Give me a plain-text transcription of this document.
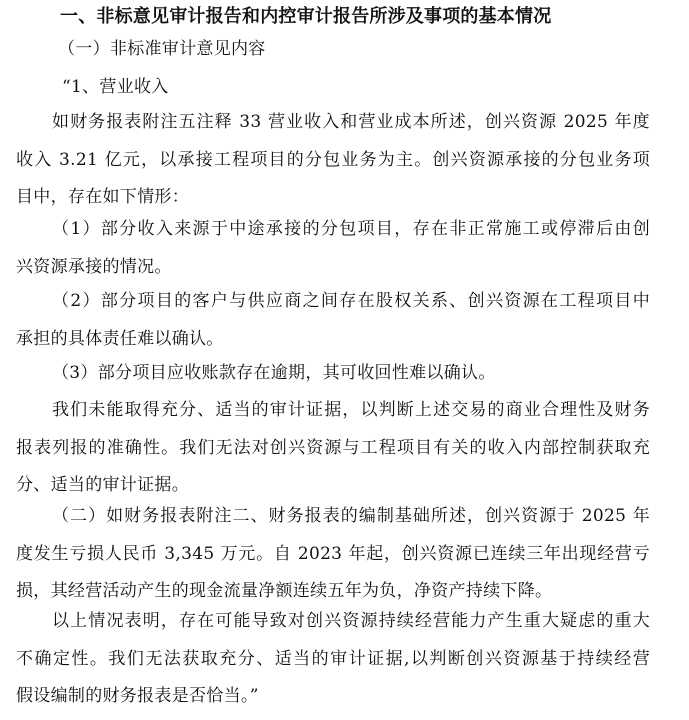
一、非标意见审计报告和内控审计报告所涉及事项的基本情况
（一）非标准审计意见内容
“1、营业收入
如财务报表附注五注释 33 营业收入和营业成本所述，创兴资源 2025 年度
收入 3.21 亿元，以承接工程项目的分包业务为主。创兴资源承接的分包业务项
目中，存在如下情形：
（1）部分收入来源于中途承接的分包项目，存在非正常施工或停滞后由创
兴资源承接的情况。
（2）部分项目的客户与供应商之间存在股权关系、创兴资源在工程项目中
承担的具体责任难以确认。
（3）部分项目应收账款存在逾期，其可收回性难以确认。
我们未能取得充分、适当的审计证据，以判断上述交易的商业合理性及财务
报表列报的准确性。我们无法对创兴资源与工程项目有关的收入内部控制获取充
分、适当的审计证据。
（二）如财务报表附注二、财务报表的编制基础所述，创兴资源于 2025 年
度发生亏损人民币 3,345 万元。自 2023 年起，创兴资源已连续三年出现经营亏
损，其经营活动产生的现金流量净额连续五年为负，净资产持续下降。
以上情况表明，存在可能导致对创兴资源持续经营能力产生重大疑虑的重大
不确定性。我们无法获取充分、适当的审计证据,以判断创兴资源基于持续经营
假设编制的财务报表是否恰当。”
